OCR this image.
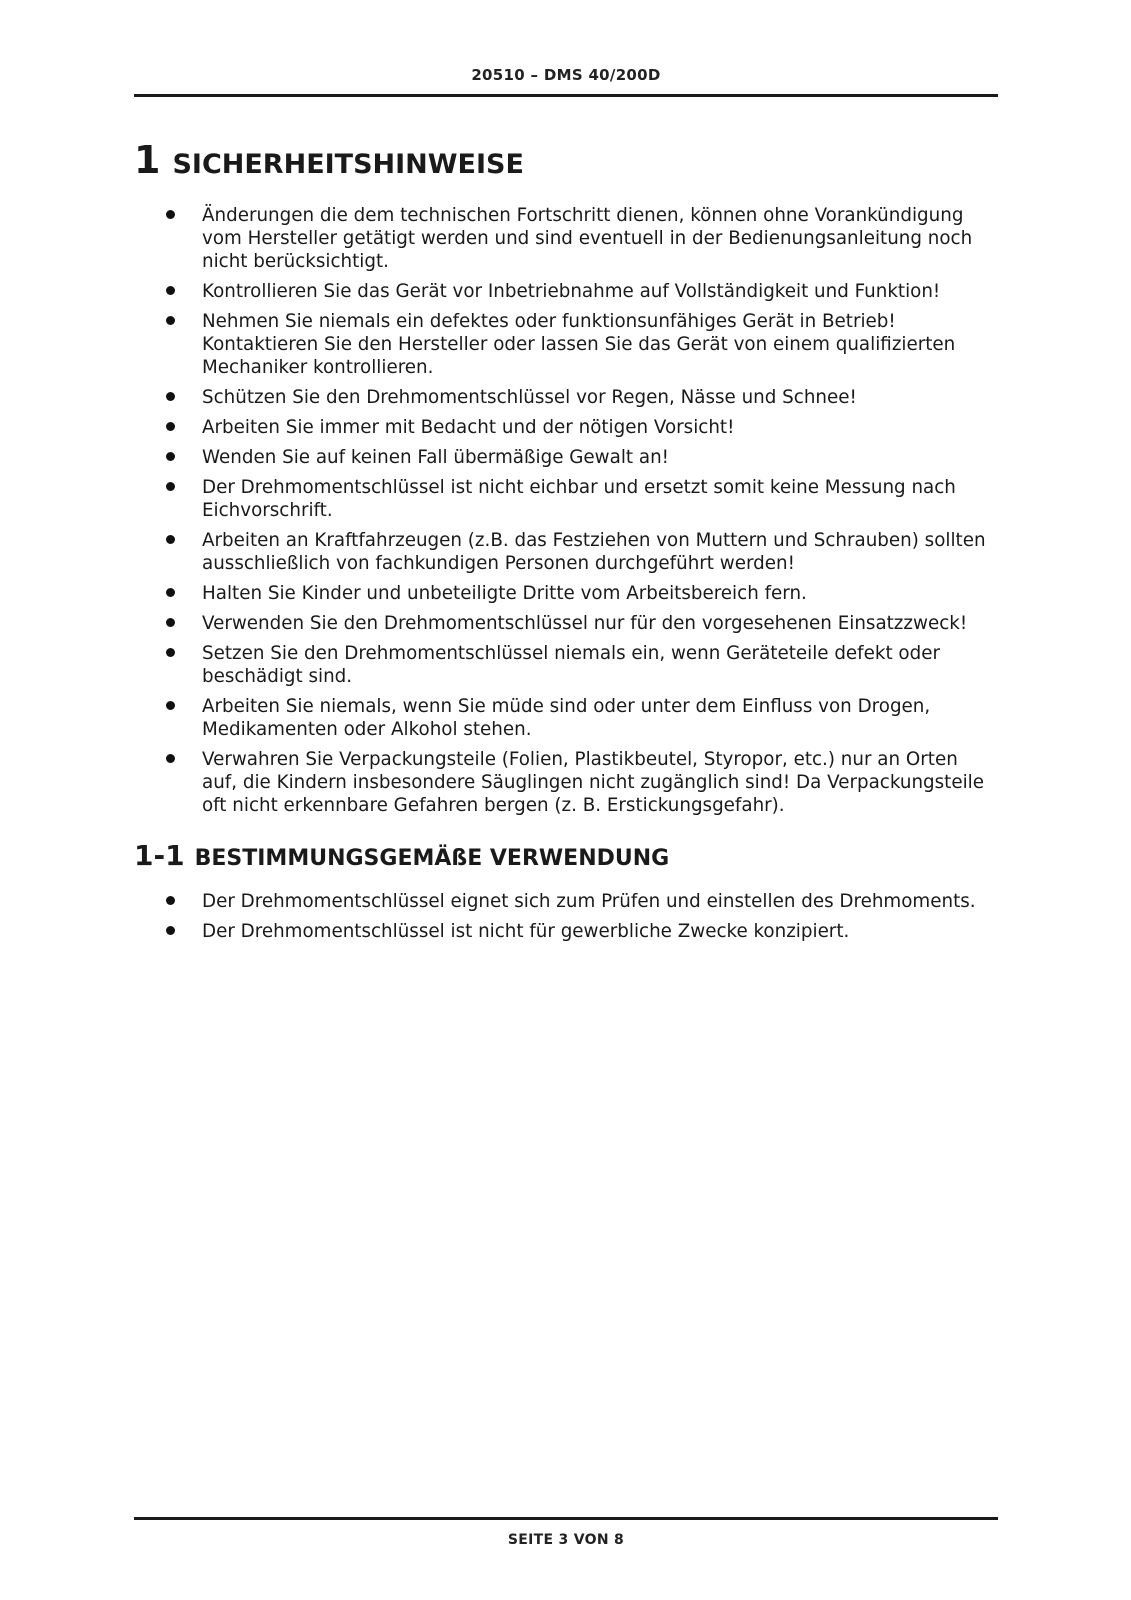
20510 – DMS 40/200D
1 SICHERHEITSHINWEISE
Änderungen die dem technischen Fortschritt dienen, können ohne Vorankündigung vom Hersteller getätigt werden und sind eventuell in der Bedienungsanleitung noch nicht berücksichtigt.
Kontrollieren Sie das Gerät vor Inbetriebnahme auf Vollständigkeit und Funktion!
Nehmen Sie niemals ein defektes oder funktionsunfähiges Gerät in Betrieb! Kontaktieren Sie den Hersteller oder lassen Sie das Gerät von einem qualifizierten Mechaniker kontrollieren.
Schützen Sie den Drehmomentschlüssel vor Regen, Nässe und Schnee!
Arbeiten Sie immer mit Bedacht und der nötigen Vorsicht!
Wenden Sie auf keinen Fall übermäßige Gewalt an!
Der Drehmomentschlüssel ist nicht eichbar und ersetzt somit keine Messung nach Eichvorschrift.
Arbeiten an Kraftfahrzeugen (z.B. das Festziehen von Muttern und Schrauben) sollten ausschließlich von fachkundigen Personen durchgeführt werden!
Halten Sie Kinder und unbeteiligte Dritte vom Arbeitsbereich fern.
Verwenden Sie den Drehmomentschlüssel nur für den vorgesehenen Einsatzzweck!
Setzen Sie den Drehmomentschlüssel niemals ein, wenn Geräteteile defekt oder beschädigt sind.
Arbeiten Sie niemals, wenn Sie müde sind oder unter dem Einfluss von Drogen, Medikamenten oder Alkohol stehen.
Verwahren Sie Verpackungsteile (Folien, Plastikbeutel, Styropor, etc.) nur an Orten auf, die Kindern insbesondere Säuglingen nicht zugänglich sind! Da Verpackungsteile oft nicht erkennbare Gefahren bergen (z. B. Erstickungsgefahr).
1-1 BESTIMMUNGSGEMÄßE VERWENDUNG
Der Drehmomentschlüssel eignet sich zum Prüfen und einstellen des Drehmoments.
Der Drehmomentschlüssel ist nicht für gewerbliche Zwecke konzipiert.
SEITE 3 VON 8
